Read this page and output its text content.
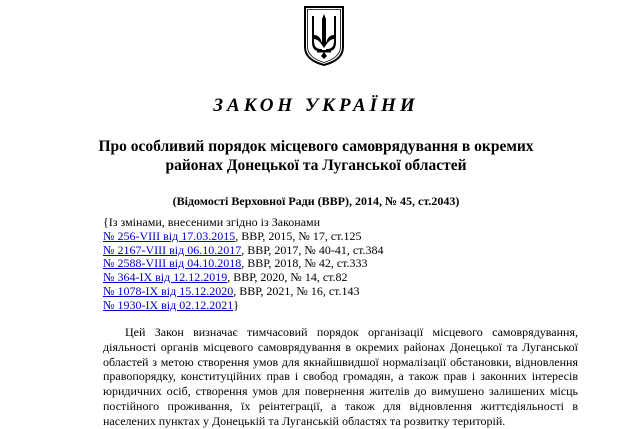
ЗАКОН УКРАЇНИ
Про особливий порядок місцевого самоврядування в окремих
районах Донецької та Луганської областей
(Відомості Верховної Ради (ВВР), 2014, № 45, ст.2043)
{Із змінами, внесеними згідно із Законами
№ 256-VIII від 17.03.2015, ВВР, 2015, № 17, ст.125
№ 2167-VIII від 06.10.2017, ВВР, 2017, № 40-41, ст.384
№ 2588-VIII від 04.10.2018, ВВР, 2018, № 42, ст.333
№ 364-IX від 12.12.2019, ВВР, 2020, № 14, ст.82
№ 1078-IX від 15.12.2020, ВВР, 2021, № 16, ст.143
№ 1930-IX від 02.12.2021}

Цей Закон визначає тимчасовий порядок організації місцевого самоврядування, діяльності органів місцевого самоврядування в окремих районах Донецької та Луганської областей з метою створення умов для якнайшвидшої нормалізації обстановки, відновлення правопорядку, конституційних прав і свобод громадян, а також прав і законних інтересів юридичних осіб, створення умов для повернення жителів до вимушено залишених місць постійного проживання, їх реінтеграції, а також для відновлення життєдіяльності в населених пунктах у Донецькій та Луганській областях та розвитку територій.
